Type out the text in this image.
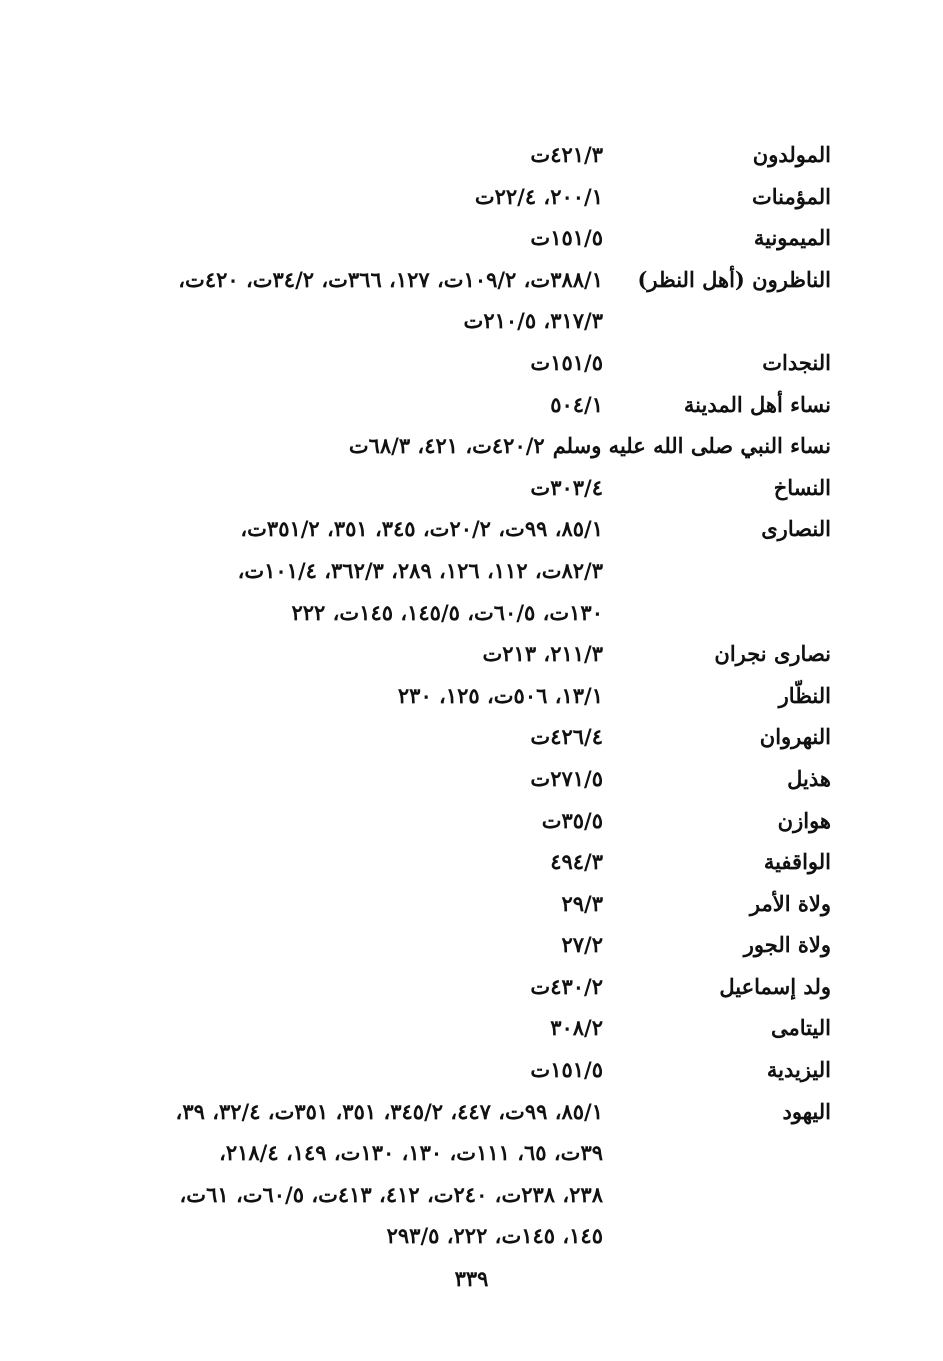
المولدون
٤٢١/٣ت
المؤمنات
٢٠٠/١، ٢٢/٤ت
الميمونية
١٥١/٥ت
الناظرون (أهل النظر)
٣٨٨/١ت، ١٠٩/٢ت، ١٢٧، ٣٦٦ت، ٣٤/٢ت، ٤٢٠ت،
٣١٧/٣، ٢١٠/٥ت
النجدات
١٥١/٥ت
نساء أهل المدينة
٥٠٤/١
نساء النبي صلى الله عليه وسلم
٤٢٠/٢ت، ٤٢١، ٦٨/٣ت
النساخ
٣٠٣/٤ت
النصارى
٨٥/١، ٩٩ت، ٢٠/٢ت، ٣٤٥، ٣٥١، ٣٥١/٢ت،
٨٢/٣ت، ١١٢، ١٢٦، ٢٨٩، ٣٦٢/٣، ١٠١/٤ت،
١٣٠ت، ٦٠/٥ت، ١٤٥/٥، ١٤٥ت، ٢٢٢
نصارى نجران
٢١١/٣، ٢١٣ت
النظّار
١٣/١، ٥٠٦ت، ١٢٥، ٢٣٠
النهروان
٤٢٦/٤ت
هذيل
٢٧١/٥ت
هوازن
٣٥/٥ت
الواقفية
٤٩٤/٣
ولاة الأمر
٢٩/٣
ولاة الجور
٢٧/٢
ولد إسماعيل
٤٣٠/٢ت
اليتامى
٣٠٨/٢
اليزيدية
١٥١/٥ت
اليهود
٨٥/١، ٩٩ت، ٤٤٧، ٣٤٥/٢، ٣٥١، ٣٥١ت، ٣٢/٤، ٣٩،
٣٩ت، ٦٥، ١١١ت، ١٣٠، ١٣٠ت، ١٤٩، ٢١٨/٤،
٢٣٨، ٢٣٨ت، ٢٤٠ت، ٤١٢، ٤١٣ت، ٦٠/٥ت، ٦١ت،
١٤٥، ١٤٥ت، ٢٢٢، ٢٩٣/٥
٣٣٩
